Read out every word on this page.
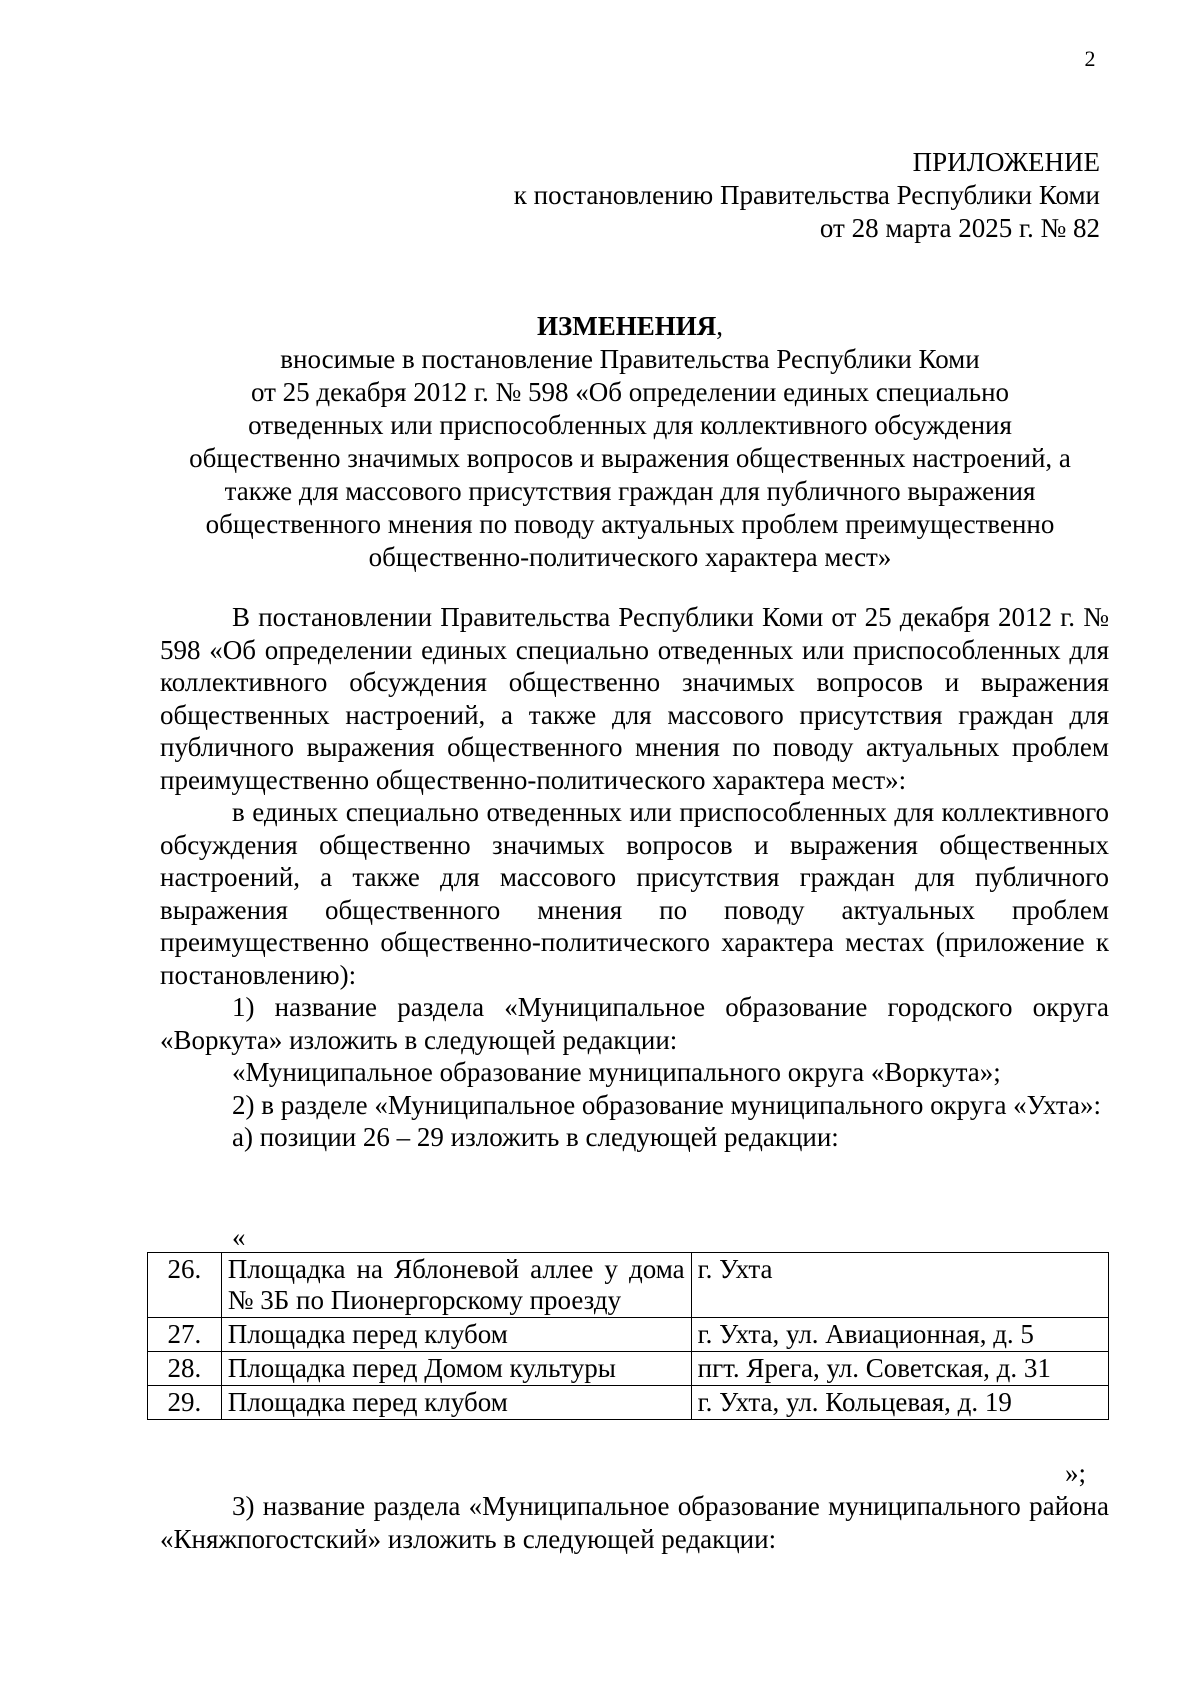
2
ПРИЛОЖЕНИЕ
к постановлению Правительства Республики Коми
от 28 марта 2025 г. № 82
ИЗМЕНЕНИЯ,
вносимые в постановление Правительства Республики Коми
от 25 декабря 2012 г. № 598 «Об определении единых специально
отведенных или приспособленных для коллективного обсуждения
общественно значимых вопросов и выражения общественных настроений, а
также для массового присутствия граждан для публичного выражения
общественного мнения по поводу актуальных проблем преимущественно
общественно-политического характера мест»

В постановлении Правительства Республики Коми от 25 декабря 2012 г. № 598 «Об определении единых специально отведенных или приспособленных для коллективного обсуждения общественно значимых вопросов и выражения общественных настроений, а также для массового присутствия граждан для публичного выражения общественного мнения по поводу актуальных проблем преимущественно общественно-политического характера мест»:

в единых специально отведенных или приспособленных для коллективного обсуждения общественно значимых вопросов и выражения общественных настроений, а также для массового присутствия граждан для публичного выражения общественного мнения по поводу актуальных проблем преимущественно общественно-политического характера местах (приложение к постановлению):

1) название раздела «Муниципальное образование городского округа «Воркута» изложить в следующей редакции:

«Муниципальное образование муниципального округа «Воркута»;

2) в разделе «Муниципальное образование муниципального округа «Ухта»:

а) позиции 26 – 29 изложить в следующей редакции:

«
26.	Площадка на Яблоневой аллее у дома № 3Б по Пионергорскому проезду	г. Ухта
27.	Площадка перед клубом	г. Ухта, ул. Авиационная, д. 5
28.	Площадка перед Домом культуры	пгт. Ярега, ул. Советская, д. 31
29.	Площадка перед клубом	г. Ухта, ул. Кольцевая, д. 19
»;

3) название раздела «Муниципальное образование муниципального района «Княжпогостский» изложить в следующей редакции:
